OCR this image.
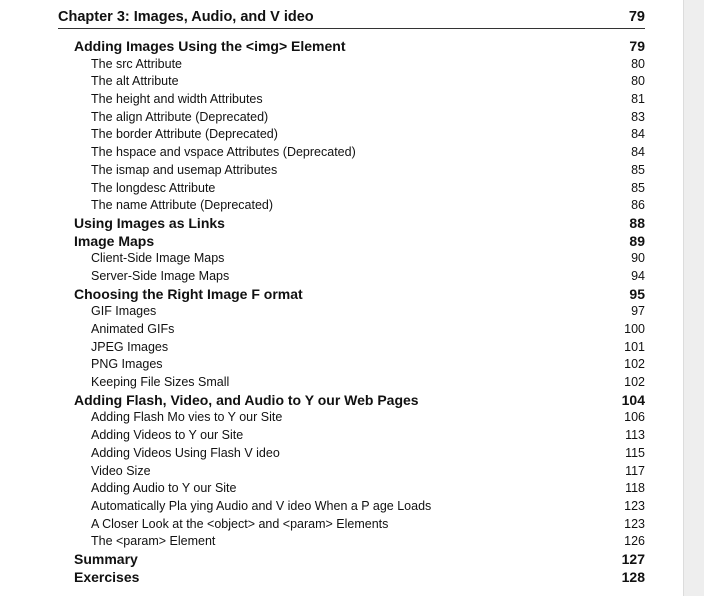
Chapter 3: Images, Audio, and V ideo	79
Adding Images Using the <img> Element	79
The src Attribute	80
The alt Attribute	80
The height and width Attributes	81
The align Attribute (Deprecated)	83
The border Attribute (Deprecated)	84
The hspace and vspace Attributes (Deprecated)	84
The ismap and usemap Attributes	85
The longdesc Attribute	85
The name Attribute (Deprecated)	86
Using Images as Links	88
Image Maps	89
Client-Side Image Maps	90
Server-Side Image Maps	94
Choosing the Right Image F ormat	95
GIF Images	97
Animated GIFs	100
JPEG Images	101
PNG Images	102
Keeping File Sizes Small	102
Adding Flash, Video, and Audio to Y our Web Pages	104
Adding Flash Mo vies to Y our Site	106
Adding Videos to Y our Site	113
Adding Videos Using Flash V ideo	115
Video Size	117
Adding Audio to Y our Site	118
Automatically Pla ying Audio and V ideo When a P age Loads	123
A Closer Look at the <object> and <param> Elements	123
The <param> Element	126
Summary	127
Exercises	128
